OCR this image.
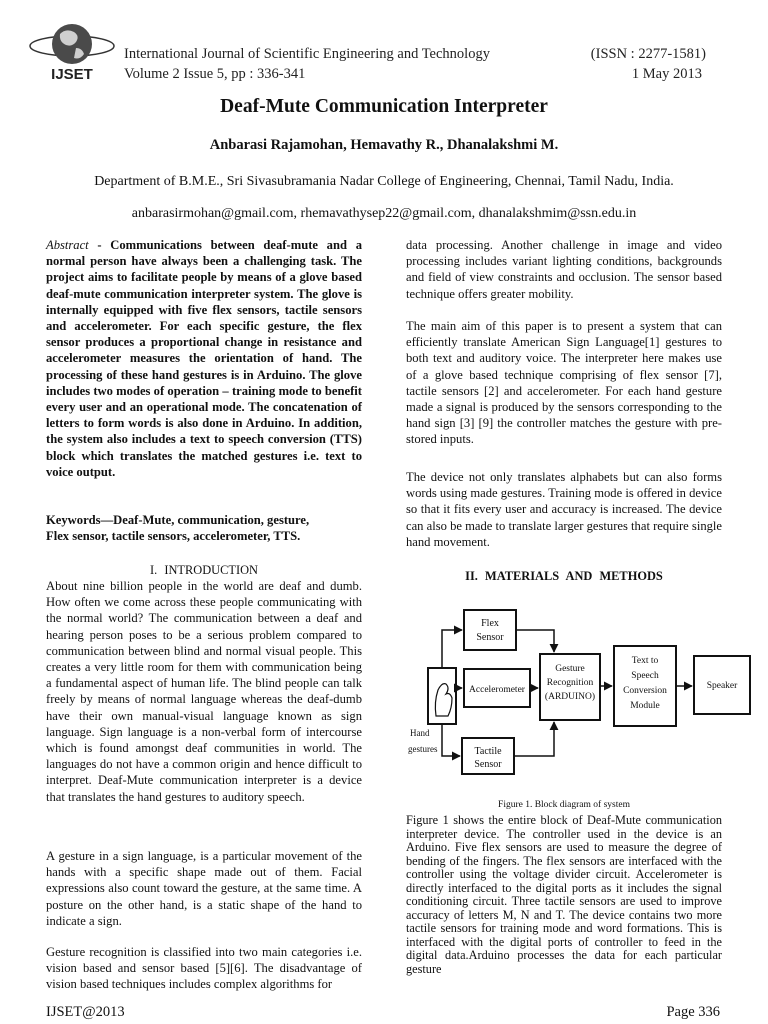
IJSET
International Journal of Scientific Engineering and Technology
Volume 2 Issue 5, pp : 336-341
(ISSN : 2277-1581)
1 May 2013
Deaf-Mute Communication Interpreter
Anbarasi Rajamohan, Hemavathy R., Dhanalakshmi M.
Department of B.M.E., Sri Sivasubramania Nadar College of Engineering, Chennai, Tamil Nadu, India.
anbarasirmohan@gmail.com, rhemavathysep22@gmail.com, dhanalakshmim@ssn.edu.in
Abstract - Communications between deaf-mute and a normal person have always been a challenging task. The project aims to facilitate people by means of a glove based deaf-mute communication interpreter system. The glove is internally equipped with five flex sensors, tactile sensors and accelerometer. For each specific gesture, the flex sensor produces a proportional change in resistance and accelerometer measures the orientation of hand. The processing of these hand gestures is in Arduino. The glove includes two modes of operation – training mode to benefit every user and an operational mode. The concatenation of letters to form words is also done in Arduino. In addition, the system also includes a text to speech conversion (TTS) block which translates the matched gestures i.e. text to voice output.
Keywords—Deaf-Mute, communication, gesture,
Flex sensor, tactile sensors, accelerometer, TTS.
I. INTRODUCTION
About nine billion people in the world are deaf and dumb. How often we come across these people communicating with the normal world? The communication between a deaf and hearing person poses to be a serious problem compared to communication between blind and normal visual people. This creates a very little room for them with communication being a fundamental aspect of human life. The blind people can talk freely by means of normal language whereas the deaf-dumb have their own manual-visual language known as sign language. Sign language is a non-verbal form of intercourse which is found amongst deaf communities in world. The languages do not have a common origin and hence difficult to interpret. Deaf-Mute communication interpreter is a device that translates the hand gestures to auditory speech.
A gesture in a sign language, is a particular movement of the hands with a specific shape made out of them. Facial expressions also count toward the gesture, at the same time. A posture on the other hand, is a static shape of the hand to indicate a sign.
Gesture recognition is classified into two main categories i.e. vision based and sensor based [5][6]. The disadvantage of vision based techniques includes complex algorithms for
data processing. Another challenge in image and video processing includes variant lighting conditions, backgrounds and field of view constraints and occlusion. The sensor based technique offers greater mobility.
The main aim of this paper is to present a system that can efficiently translate American Sign Language[1] gestures to both text and auditory voice. The interpreter here makes use of a glove based technique comprising of flex sensor [7], tactile sensors [2] and accelerometer. For each hand gesture made a signal is produced by the sensors corresponding to the hand sign [3] [9] the controller matches the gesture with pre-stored inputs.
The device not only translates alphabets but can also forms words using made gestures. Training mode is offered in device so that it fits every user and accuracy is increased. The device can also be made to translate larger gestures that require single hand movement.
II. MATERIALS AND METHODS
Hand
gestures
Flex
Sensor
Accelerometer
Tactile
Sensor
Gesture
Recognition
(ARDUINO)
Text to
Speech
Conversion
Module
Speaker
Figure 1. Block diagram of system
Figure 1 shows the entire block of Deaf-Mute communication interpreter device. The controller used in the device is an Arduino. Five flex sensors are used to measure the degree of bending of the fingers. The flex sensors are interfaced with the controller using the voltage divider circuit. Accelerometer is directly interfaced to the digital ports as it includes the signal conditioning circuit. Three tactile sensors are used to improve accuracy of letters M, N and T. The device contains two more tactile sensors for training mode and word formations. This is interfaced with the digital ports of controller to feed in the digital data.Arduino processes the data for each particular gesture
IJSET@2013	Page 336
